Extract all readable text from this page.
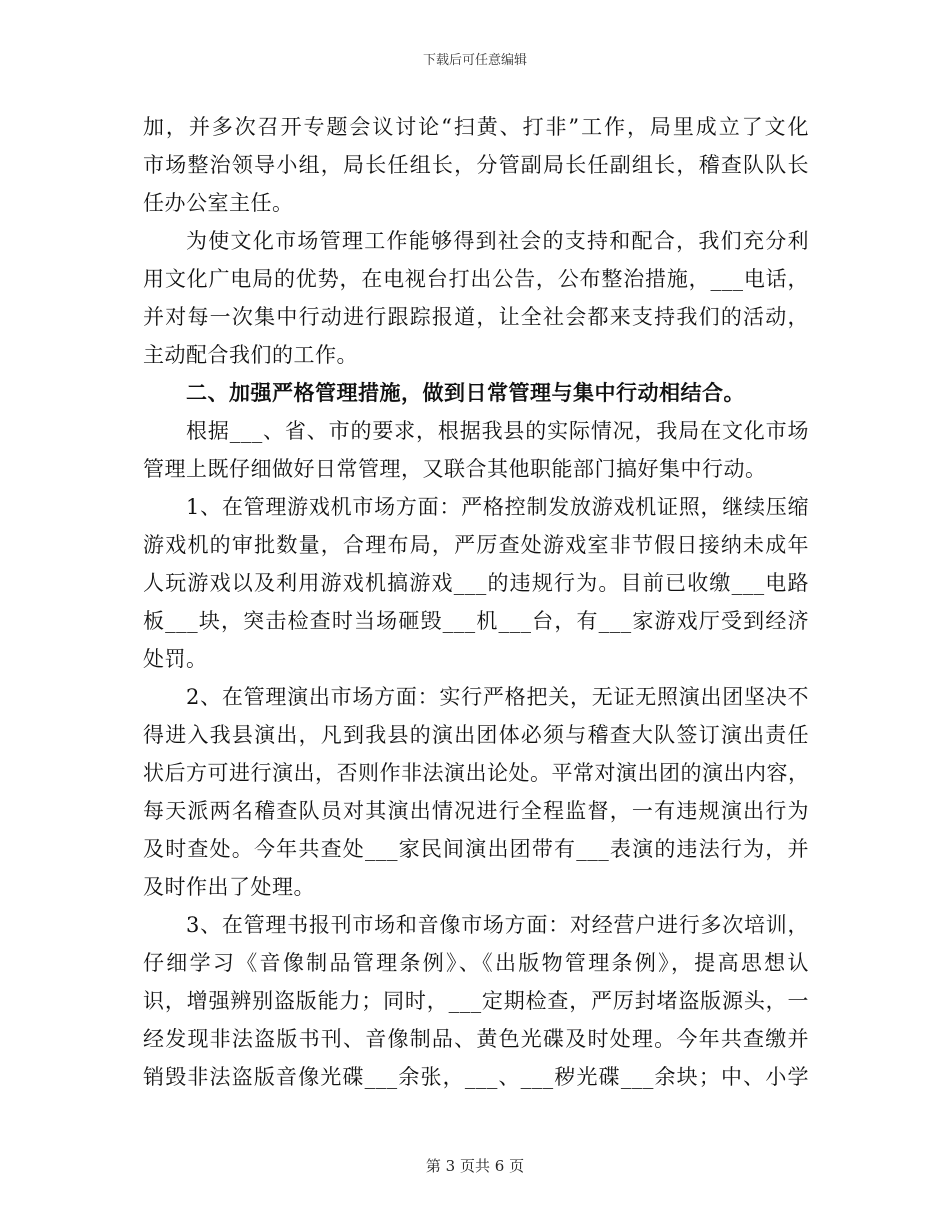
下载后可任意编辑
加，并多次召开专题会议讨论“扫黄、打非”工作，局里成立了文化
市场整治领导小组，局长任组长，分管副局长任副组长，稽查队队长
任办公室主任。
为使文化市场管理工作能够得到社会的支持和配合，我们充分利
用文化广电局的优势，在电视台打出公告，公布整治措施，___电话，
并对每一次集中行动进行跟踪报道，让全社会都来支持我们的活动，
主动配合我们的工作。
二、加强严格管理措施，做到日常管理与集中行动相结合。
根据___、省、市的要求，根据我县的实际情况，我局在文化市场
管理上既仔细做好日常管理，又联合其他职能部门搞好集中行动。
1、在管理游戏机市场方面：严格控制发放游戏机证照，继续压缩
游戏机的审批数量，合理布局，严厉查处游戏室非节假日接纳未成年
人玩游戏以及利用游戏机搞游戏___的违规行为。目前已收缴___电路
板___块，突击检查时当场砸毁___机___台，有___家游戏厅受到经济
处罚。
2、在管理演出市场方面：实行严格把关，无证无照演出团坚决不
得进入我县演出，凡到我县的演出团体必须与稽查大队签订演出责任
状后方可进行演出，否则作非法演出论处。平常对演出团的演出内容，
每天派两名稽查队员对其演出情况进行全程监督，一有违规演出行为
及时查处。今年共查处___家民间演出团带有___表演的违法行为，并
及时作出了处理。
3、在管理书报刊市场和音像市场方面：对经营户进行多次培训，
仔细学习《音像制品管理条例》、《出版物管理条例》，提高思想认
识，增强辨别盗版能力；同时，___定期检查，严厉封堵盗版源头，一
经发现非法盗版书刊、音像制品、黄色光碟及时处理。今年共查缴并
销毁非法盗版音像光碟___余张，___、___秽光碟___余块；中、小学
第 3 页共 6 页
